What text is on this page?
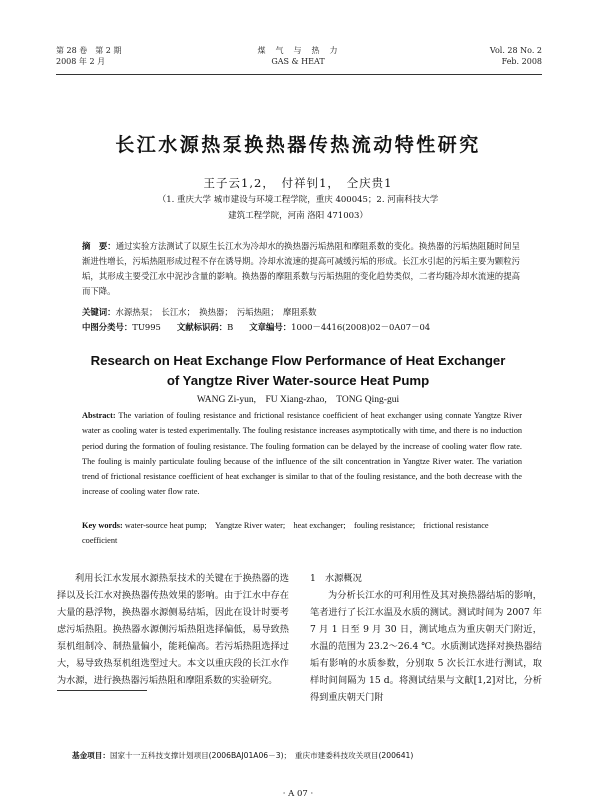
第 28 卷　第 2 期
2008 年 2 月
煤　气　与　热　力
GAS & HEAT
Vol. 28 No. 2
Feb. 2008
长江水源热泵换热器传热流动特性研究
王子云1,2，　付祥钊1，　仝庆贵1
（1. 重庆大学 城市建设与环境工程学院，重庆 400045；2. 河南科技大学
建筑工程学院，河南 洛阳 471003）
摘　要：通过实验方法测试了以原生长江水为冷却水的换热器污垢热阻和摩阻系数的变化。换热器的污垢热阻随时间呈渐进性增长，污垢热阻形成过程不存在诱导期。冷却水流速的提高可减缓污垢的形成。长江水引起的污垢主要为颗粒污垢，其形成主要受江水中泥沙含量的影响。换热器的摩阻系数与污垢热阻的变化趋势类似，二者均随冷却水流速的提高而下降。
关键词：水源热泵；　长江水；　换热器；　污垢热阻；　摩阻系数
中图分类号：TU995 文献标识码：B 文章编号：1000－4416(2008)02－0A07－04
Research on Heat Exchange Flow Performance of Heat Exchanger
of Yangtze River Water-source Heat Pump
WANG Zi-yun,　FU Xiang-zhao,　TONG Qing-gui
Abstract: The variation of fouling resistance and frictional resistance coefficient of heat exchanger using connate Yangtze River water as cooling water is tested experimentally. The fouling resistance increases asymptotically with time, and there is no induction period during the formation of fouling resistance. The fouling formation can be delayed by the increase of cooling water flow rate. The fouling is mainly particulate fouling because of the influence of the silt concentration in Yangtze River water. The variation trend of frictional resistance coefficient of heat exchanger is similar to that of the fouling resistance, and the both decrease with the increase of cooling water flow rate.
Key words: water-source heat pump;　Yangtze River water;　heat exchanger;　fouling resistance;　frictional resistance coefficient
利用长江水发展水源热泵技术的关键在于换热器的选择以及长江水对换热器传热效果的影响。由于江水中存在大量的悬浮物，换热器水源侧易结垢，因此在设计时要考虑污垢热阻。换热器水源侧污垢热阻选择偏低，易导致热泵机组制冷、制热量偏小，能耗偏高。若污垢热阻选择过大，易导致热泵机组选型过大。本文以重庆段的长江水作为水源，进行换热器污垢热阻和摩阻系数的实验研究。
1　水源概况
为分析长江水的可利用性及其对换热器结垢的影响，笔者进行了长江水温及水质的测试。测试时间为 2007 年 7 月 1 日至 9 月 30 日，测试地点为重庆朝天门附近，水温的范围为 23.2～26.4 ℃。水质测试选择对换热器结垢有影响的水质参数，分别取 5 次长江水进行测试，取样时间间隔为 15 d。将测试结果与文献[1,2]对比，分析得到重庆朝天门附
基金项目：国家十一五科技支撑计划项目(2006BAJ01A06－3)；　重庆市建委科技攻关项目(200641)
· A 07 ·
